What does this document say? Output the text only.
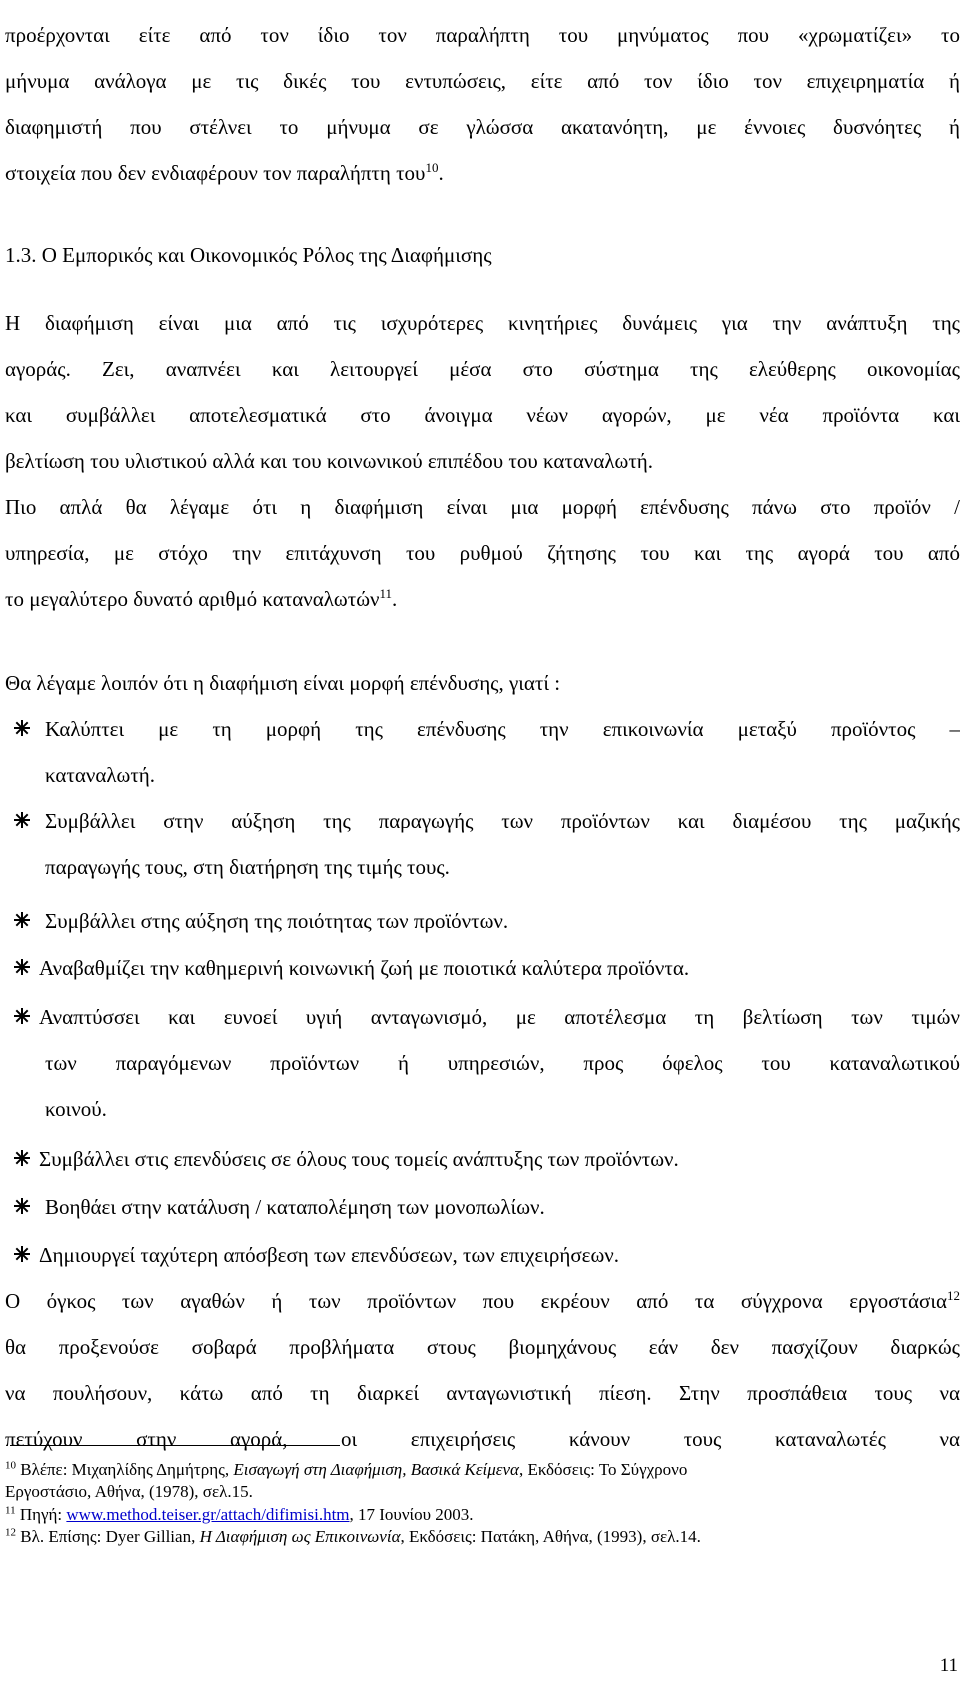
προέρχονται είτε από τον ίδιο τον παραλήπτη του μηνύματος που «χρωματίζει» το
μήνυμα ανάλογα με τις δικές του εντυπώσεις, είτε από τον ίδιο τον επιχειρηματία ή
διαφημιστή που στέλνει το μήνυμα σε γλώσσα ακατανόητη, με έννοιες δυσνόητες ή
στοιχεία που δεν ενδιαφέρουν τον παραλήπτη του$^{10}$.
1.3. Ο Εμπορικός και Οικονομικός Ρόλος της Διαφήμισης
Η διαφήμιση είναι μια από τις ισχυρότερες κινητήριες δυνάμεις για την ανάπτυξη της
αγοράς. Ζει, αναπνέει και λειτουργεί μέσα στο σύστημα της ελεύθερης οικονομίας
και συμβάλλει αποτελεσματικά στο άνοιγμα νέων αγορών, με νέα προϊόντα και
βελτίωση του υλιστικού αλλά και του κοινωνικού επιπέδου του καταναλωτή.
Πιο απλά θα λέγαμε ότι η διαφήμιση είναι μια μορφή επένδυσης πάνω στο προϊόν /
υπηρεσία, με στόχο την επιτάχυνση του ρυθμού ζήτησης του και της αγορά του από
το μεγαλύτερο δυνατό αριθμό καταναλωτών$^{11}$.
Θα λέγαμε λοιπόν ότι η διαφήμιση είναι μορφή επένδυσης, γιατί :
Καλύπτει με τη μορφή της επένδυσης την επικοινωνία μεταξύ προϊόντος –
καταναλωτή.
Συμβάλλει στην αύξηση της παραγωγής των προϊόντων και διαμέσου της μαζικής
παραγωγής τους, στη διατήρηση της τιμής τους.
Συμβάλλει στης αύξηση της ποιότητας των προϊόντων.
Αναβαθμίζει την καθημερινή κοινωνική ζωή με ποιοτικά καλύτερα προϊόντα.
Αναπτύσσει και ευνοεί υγιή ανταγωνισμό, με αποτέλεσμα τη βελτίωση των τιμών
των παραγόμενων προϊόντων ή υπηρεσιών, προς όφελος του καταναλωτικού
κοινού.
Συμβάλλει στις επενδύσεις σε όλους τους τομείς ανάπτυξης των προϊόντων.
Βοηθάει στην κατάλυση / καταπολέμηση των μονοπωλίων.
Δημιουργεί ταχύτερη απόσβεση των επενδύσεων, των επιχειρήσεων.
Ο όγκος των αγαθών ή των προϊόντων που εκρέουν από τα σύγχρονα εργοστάσια$^{12}$
θα προξενούσε σοβαρά προβλήματα στους βιομηχάνους εάν δεν πασχίζουν διαρκώς
να πουλήσουν, κάτω από τη διαρκεί ανταγωνιστική πίεση. Στην προσπάθεια τους να
πετύχουν στην αγορά, οι επιχειρήσεις κάνουν τους καταναλωτές να
$^{10}$ Βλέπε: Μιχαηλίδης Δημήτρης, Εισαγωγή στη Διαφήμιση, Βασικά Κείμενα, Εκδόσεις: Το Σύγχρονο
Εργοστάσιο, Αθήνα, (1978), σελ.15.
$^{11}$ Πηγή: www.method.teiser.gr/attach/difimisi.htm, 17 Ιουνίου 2003.
$^{12}$ Βλ. Επίσης: Dyer Gillian, Η Διαφήμιση ως Επικοινωνία, Εκδόσεις: Πατάκη, Αθήνα, (1993), σελ.14.
11
